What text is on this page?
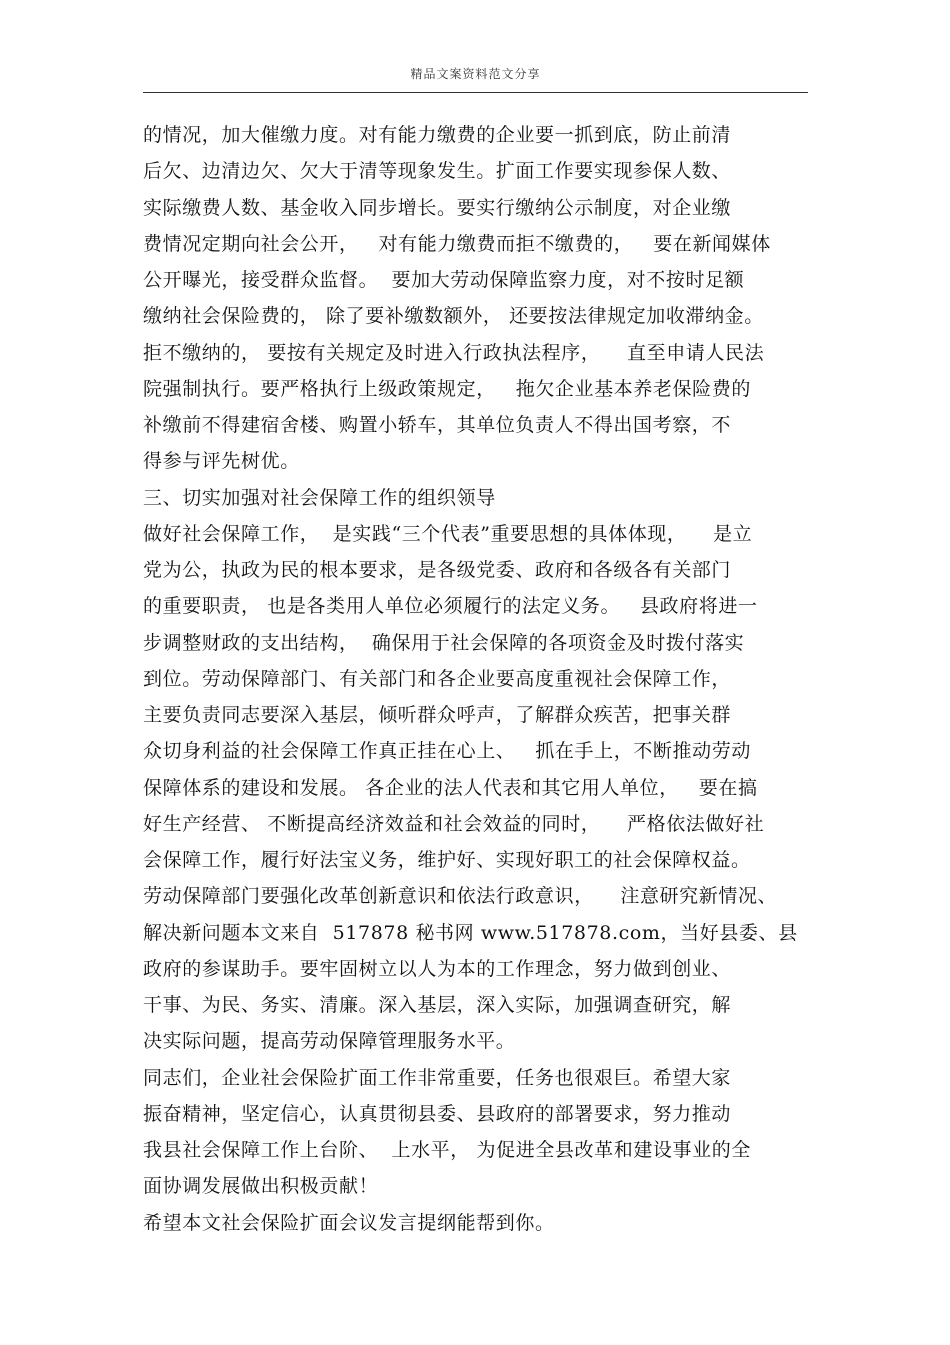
精品文案资料范文分享
的情况，加大催缴力度。对有能力缴费的企业要一抓到底，防止前清
后欠、边清边欠、欠大于清等现象发生。扩面工作要实现参保人数、
实际缴费人数、基金收入同步增长。要实行缴纳公示制度，对企业缴
费情况定期向社会公开，   对有能力缴费而拒不缴费的，   要在新闻媒体
公开曝光，接受群众监督。  要加大劳动保障监察力度，对不按时足额
缴纳社会保险费的， 除了要补缴数额外， 还要按法律规定加收滞纳金。
拒不缴纳的， 要按有关规定及时进入行政执法程序，    直至申请人民法
院强制执行。要严格执行上级政策规定，   拖欠企业基本养老保险费的
补缴前不得建宿舍楼、购置小轿车，其单位负责人不得出国考察，不
得参与评先树优。
三、切实加强对社会保障工作的组织领导
做好社会保障工作，  是实践“三个代表”重要思想的具体体现，    是立
党为公，执政为民的根本要求，是各级党委、政府和各级各有关部门
的重要职责， 也是各类用人单位必须履行的法定义务。   县政府将进一
步调整财政的支出结构，  确保用于社会保障的各项资金及时拨付落实
到位。劳动保障部门、有关部门和各企业要高度重视社会保障工作，
主要负责同志要深入基层，倾听群众呼声，了解群众疾苦，把事关群
众切身利益的社会保障工作真正挂在心上、   抓在手上，不断推动劳动
保障体系的建设和发展。 各企业的法人代表和其它用人单位，   要在搞
好生产经营、 不断提高经济效益和社会效益的同时，    严格依法做好社
会保障工作，履行好法宝义务，维护好、实现好职工的社会保障权益。
劳动保障部门要强化改革创新意识和依法行政意识，    注意研究新情况、
解决新问题本文来自  517878 秘书网 www.517878.com，当好县委、县
政府的参谋助手。要牢固树立以人为本的工作理念，努力做到创业、
干事、为民、务实、清廉。深入基层，深入实际，加强调查研究，解
决实际问题，提高劳动保障管理服务水平。
同志们，企业社会保险扩面工作非常重要，任务也很艰巨。希望大家
振奋精神，坚定信心，认真贯彻县委、县政府的部署要求，努力推动
我县社会保障工作上台阶、  上水平， 为促进全县改革和建设事业的全
面协调发展做出积极贡献！
希望本文社会保险扩面会议发言提纲能帮到你。
